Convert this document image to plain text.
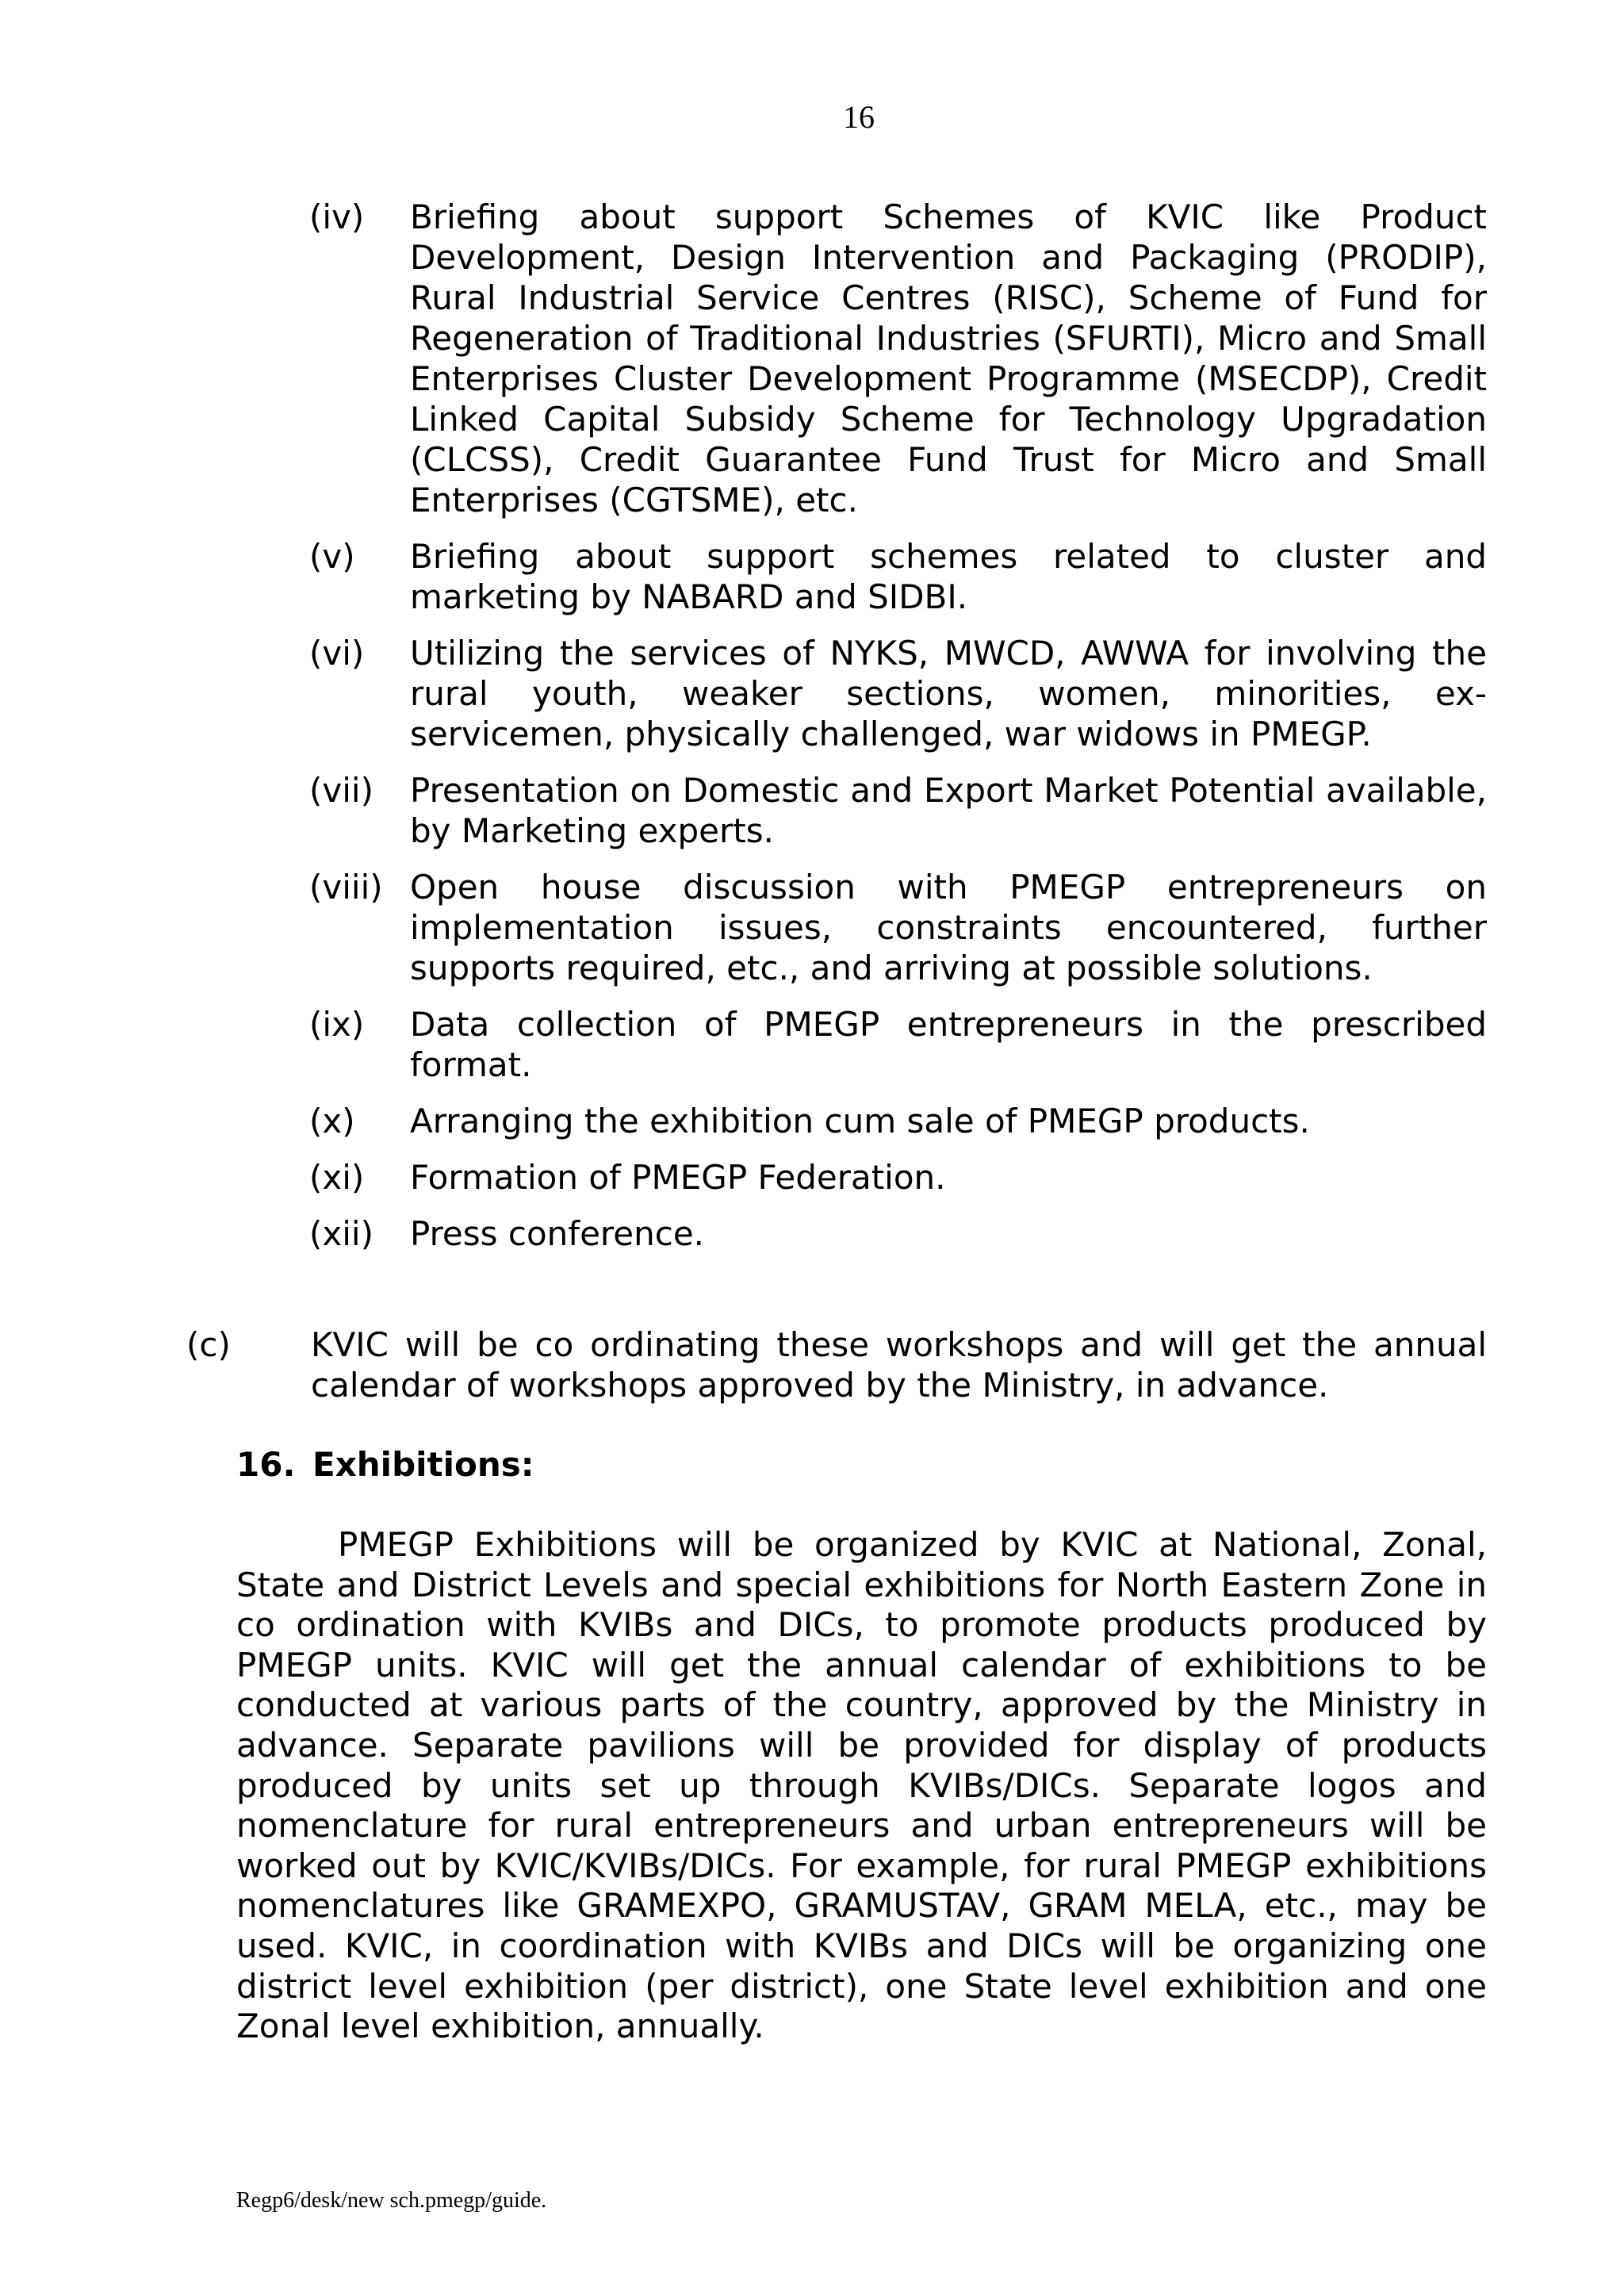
16
(iv)	Briefing about support Schemes of KVIC like Product Development, Design Intervention and Packaging (PRODIP), Rural Industrial Service Centres (RISC), Scheme of Fund for Regeneration of Traditional Industries (SFURTI), Micro and Small Enterprises Cluster Development Programme (MSECDP), Credit Linked Capital Subsidy Scheme for Technology Upgradation (CLCSS), Credit Guarantee Fund Trust for Micro and Small Enterprises (CGTSME), etc.
(v)	Briefing about support schemes related to cluster and marketing by NABARD and SIDBI.
(vi)	Utilizing the services of NYKS, MWCD, AWWA for involving the rural youth, weaker sections, women, minorities, ex-servicemen, physically challenged, war widows in PMEGP.
(vii)	Presentation on Domestic and Export Market Potential available, by Marketing experts.
(viii) Open house discussion with PMEGP entrepreneurs on implementation issues, constraints encountered, further supports required, etc., and arriving at possible solutions.
(ix)	Data collection of PMEGP entrepreneurs in the prescribed format.
(x)	Arranging the exhibition cum sale of PMEGP products.
(xi)	Formation of PMEGP Federation.
(xii)	Press conference.
(c)	KVIC will be co ordinating these workshops and will get the annual calendar of workshops approved by the Ministry, in advance.
16. Exhibitions:
PMEGP Exhibitions will be organized by KVIC at National, Zonal, State and District Levels and special exhibitions for North Eastern Zone in co ordination with KVIBs and DICs, to promote products produced by PMEGP units. KVIC will get the annual calendar of exhibitions to be conducted at various parts of the country, approved by the Ministry in advance. Separate pavilions will be provided for display of products produced by units set up through KVIBs/DICs. Separate logos and nomenclature for rural entrepreneurs and urban entrepreneurs will be worked out by KVIC/KVIBs/DICs. For example, for rural PMEGP exhibitions nomenclatures like GRAMEXPO, GRAMUSTAV, GRAM MELA, etc., may be used. KVIC, in coordination with KVIBs and DICs will be organizing one district level exhibition (per district), one State level exhibition and one Zonal level exhibition, annually.
Regp6/desk/new sch.pmegp/guide.
